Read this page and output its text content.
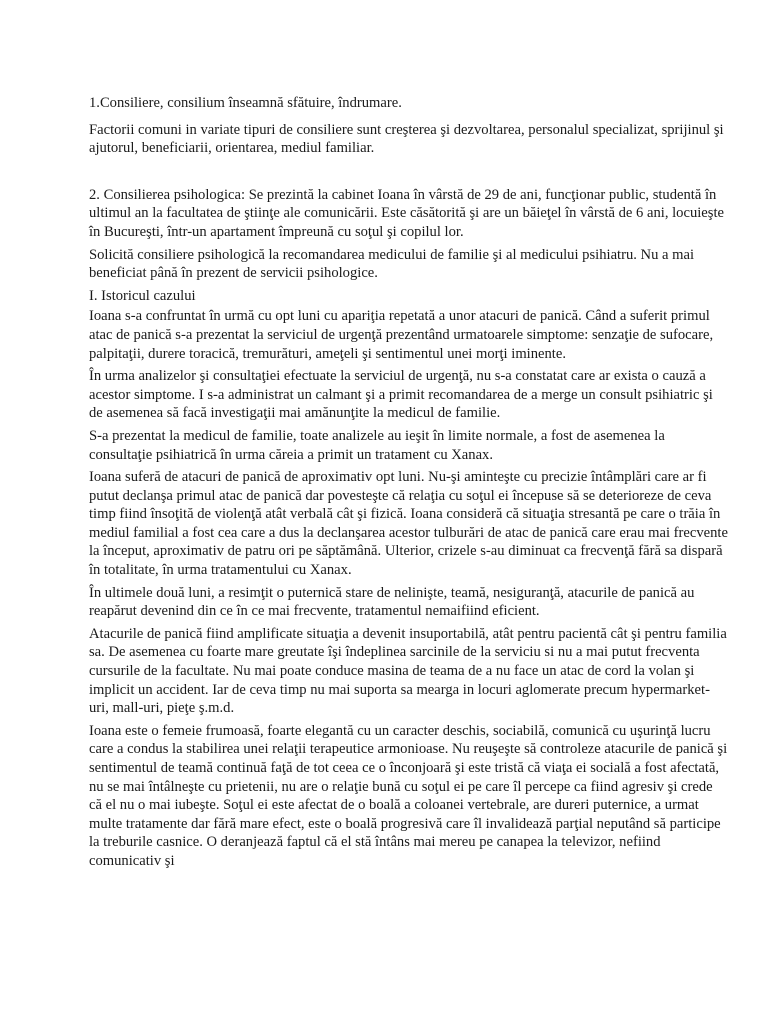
1.Consiliere, consilium înseamnă sfătuire, îndrumare.

Factorii comuni in variate tipuri de consiliere sunt creşterea şi dezvoltarea, personalul specializat, sprijinul şi ajutorul, beneficiarii, orientarea, mediul familiar.

2. Consilierea psihologica: Se prezintă la cabinet Ioana în vârstă de 29 de ani, funcţionar public, studentă în ultimul an la facultatea de ştiinţe ale comunicării. Este căsătorită şi are un băieţel în vârstă de 6 ani, locuieşte în Bucureşti, într-un apartament împreună cu soţul şi copilul lor.

Solicită consiliere psihologică la recomandarea medicului de familie şi al medicului psihiatru. Nu a mai beneficiat până în prezent de servicii psihologice.

I. Istoricul cazului

Ioana s-a confruntat în urmă cu opt luni cu apariţia repetată a unor atacuri de panică. Când a suferit primul atac de panică s-a prezentat la serviciul de urgenţă prezentând urmatoarele simptome: senzaţie de sufocare, palpitaţii, durere toracică, tremurături, ameţeli şi sentimentul unei morţi iminente.

În urma analizelor şi consultaţiei efectuate la serviciul de urgenţă, nu s-a constatat care ar exista o cauză a acestor simptome. I s-a administrat un calmant şi a primit recomandarea de a merge un consult psihiatric şi de asemenea să facă investigaţii mai amănunţite la medicul de familie.

S-a prezentat la medicul de familie, toate analizele au ieşit în limite normale, a fost de asemenea la consultaţie psihiatrică în urma căreia a primit un tratament cu Xanax.

Ioana suferă de atacuri de panică de aproximativ opt luni. Nu-şi aminteşte cu precizie întâmplări care ar fi putut declanşa primul atac de panică dar povesteşte că relaţia cu soţul ei începuse să se deterioreze de ceva timp fiind însoţită de violenţă atât verbală cât şi fizică. Ioana consideră că situaţia stresantă pe care o trăia în mediul familial a fost cea care a dus la declanşarea acestor tulburări de atac de panică care erau mai frecvente la început, aproximativ de patru ori pe săptămână. Ulterior, crizele s-au diminuat ca frecvenţă fără sa dispară în totalitate, în urma tratamentului cu Xanax.

În ultimele două luni, a resimţit o puternică stare de nelinişte, teamă, nesiguranţă, atacurile de panică au reapărut devenind din ce în ce mai frecvente, tratamentul nemaifiind eficient.

Atacurile de panică fiind amplificate situaţia a devenit insuportabilă, atât pentru pacientă cât şi pentru familia sa. De asemenea cu foarte mare greutate îşi îndeplinea sarcinile de la serviciu si nu a mai putut frecventa cursurile de la facultate. Nu mai poate conduce masina de teama de a nu face un atac de cord la volan şi implicit un accident. Iar de ceva timp nu mai suporta sa mearga in locuri aglomerate precum hypermarket-uri, mall-uri, pieţe ş.m.d.

Ioana este o femeie frumoasă, foarte elegantă cu un caracter deschis, sociabilă, comunică cu uşurinţă lucru care a condus la stabilirea unei relaţii terapeutice armonioase. Nu reuşeşte să controleze atacurile de panică şi sentimentul de teamă continuă faţă de tot ceea ce o înconjoară şi este tristă că viaţa ei socială a fost afectată, nu se mai întâlneşte cu prietenii, nu are o relaţie bună cu soţul ei pe care îl percepe ca fiind agresiv şi crede că el nu o mai iubeşte. Soţul ei este afectat de o boală a coloanei vertebrale, are dureri puternice, a urmat multe tratamente dar fără mare efect, este o boală progresivă care îl invalidează parţial neputând să participe la treburile casnice. O deranjează faptul că el stă întâns mai mereu pe canapea la televizor, nefiind comunicativ şi
